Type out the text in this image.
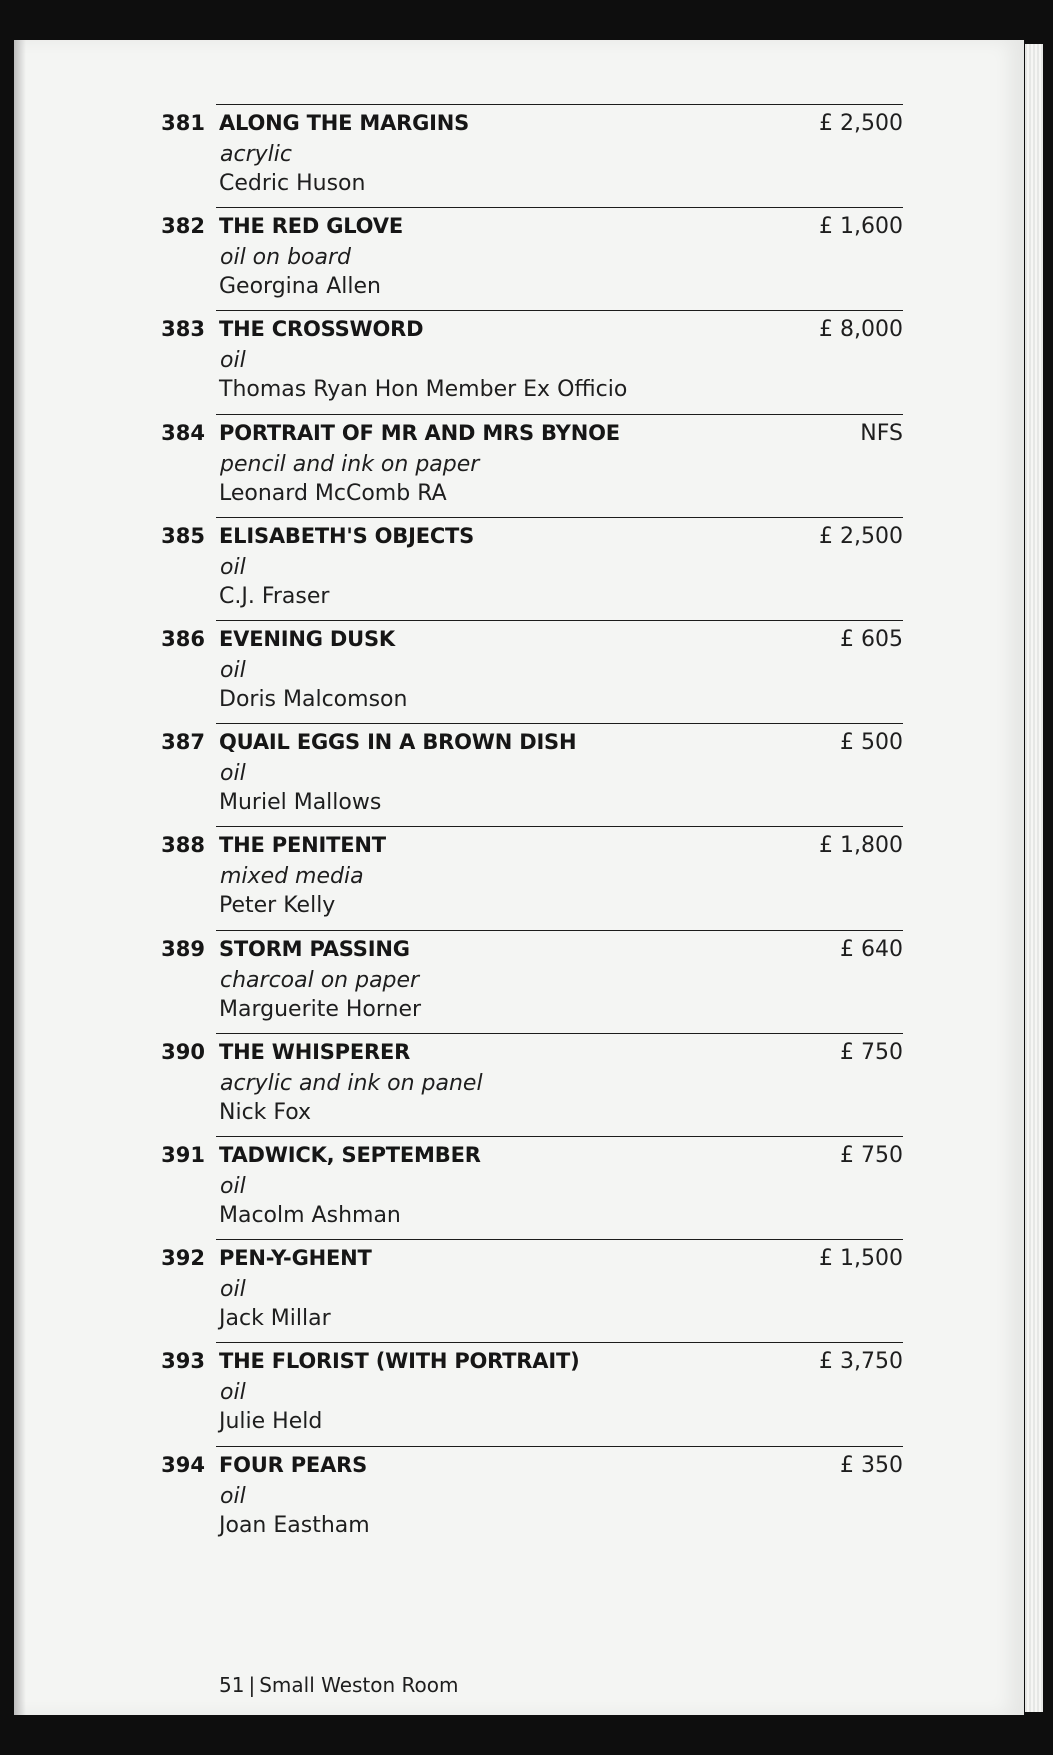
381 ALONG THE MARGINS
acrylic
Cedric Huson
£ 2,500
382 THE RED GLOVE
oil on board
Georgina Allen
£ 1,600
383 THE CROSSWORD
oil
Thomas Ryan Hon Member Ex Officio
£ 8,000
384 PORTRAIT OF MR AND MRS BYNOE
pencil and ink on paper
Leonard McComb RA
NFS
385 ELISABETH'S OBJECTS
oil
C.J. Fraser
£ 2,500
386 EVENING DUSK
oil
Doris Malcomson
£ 605
387 QUAIL EGGS IN A BROWN DISH
oil
Muriel Mallows
£ 500
388 THE PENITENT
mixed media
Peter Kelly
£ 1,800
389 STORM PASSING
charcoal on paper
Marguerite Horner
£ 640
390 THE WHISPERER
acrylic and ink on panel
Nick Fox
£ 750
391 TADWICK, SEPTEMBER
oil
Macolm Ashman
£ 750
392 PEN-Y-GHENT
oil
Jack Millar
£ 1,500
393 THE FLORIST (WITH PORTRAIT)
oil
Julie Held
£ 3,750
394 FOUR PEARS
oil
Joan Eastham
£ 350
51 | Small Weston Room
